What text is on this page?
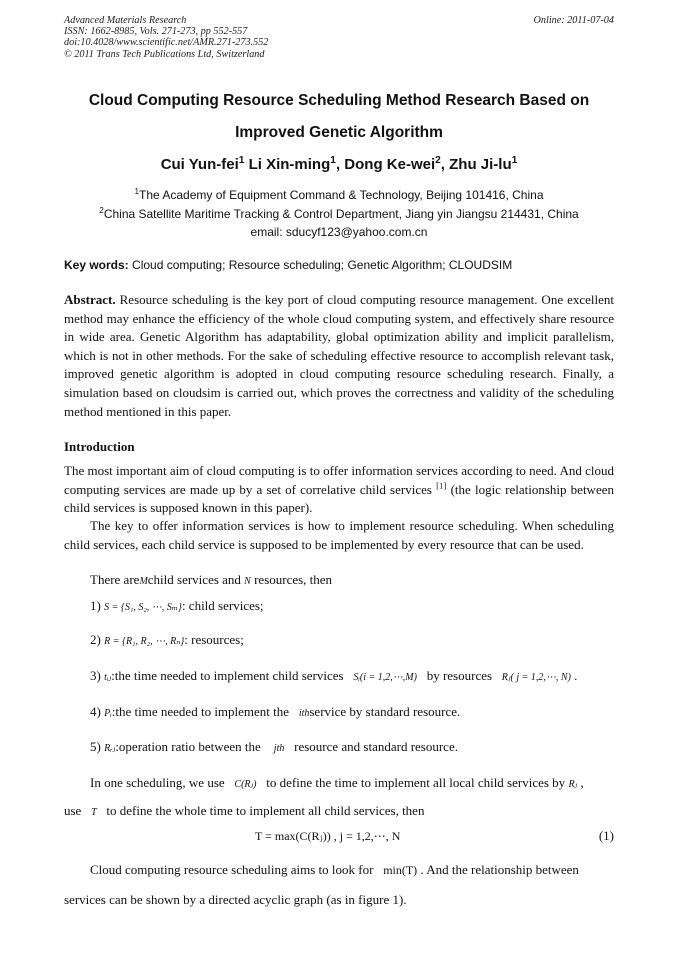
Advanced Materials Research
ISSN: 1662-8985, Vols. 271-273, pp 552-557
doi:10.4028/www.scientific.net/AMR.271-273.552
© 2011 Trans Tech Publications Ltd, Switzerland
Online: 2011-07-04
Cloud Computing Resource Scheduling Method Research Based on
Improved Genetic Algorithm
Cui Yun-fei$^1$ Li Xin-ming$^1$, Dong Ke-wei$^2$, Zhu $Ji-lu^1$
$^1$The Academy of Equipment Command & Technology, Beijing 101416, China
$^2$China Satellite Maritime Tracking & Control Department, Jiang yin Jiangsu 214431, China
email: sducyf123@yahoo.com.cn
Key words: Cloud computing; Resource scheduling; Genetic Algorithm; CLOUDSIM
Abstract. Resource scheduling is the key port of cloud computing resource management. One excellent method may enhance the efficiency of the whole cloud computing system, and effectively share resource in wide area. Genetic Algorithm has adaptability, global optimization ability and implicit parallelism, which is not in other methods. For the sake of scheduling effective resource to accomplish relevant task, improved genetic algorithm is adopted in cloud computing resource scheduling research. Finally, a simulation based on cloudsim is carried out, which proves the correctness and validity of the scheduling method mentioned in this paper.
Introduction
The most important aim of cloud computing is to offer information services according to need. And cloud computing services are made up by a set of correlative child services [1] (the logic relationship between child services is supposed known in this paper).
The key to offer information services is how to implement resource scheduling. When scheduling child services, each child service is supposed to be implemented by every resource that can be used.
There areMchild services and N resources, then
1) S = {S₁, S₂, ⋯, Sₘ}: child services;
2) R = {R₁, R₂, ⋯, Rₙ}: resources;
3) tᵢⱼ:the time needed to implement child services Sᵢ(i = 1,2,⋯,M) by resources Rⱼ( j = 1,2,⋯, N) .
4) Pᵢ:the time needed to implement the ithservice by standard resource.
5) Rᵣⱼ:operation ratio between the jth resource and standard resource.
In one scheduling, we use C(Rⱼ) to define the time to implement all local child services by Rⱼ ,
use T to define the whole time to implement all child services, then
T = max(C(Rⱼ)) , j = 1,2,⋯, N	(1)
Cloud computing resource scheduling aims to look for min(T) . And the relationship between
services can be shown by a directed acyclic graph (as in figure 1).
